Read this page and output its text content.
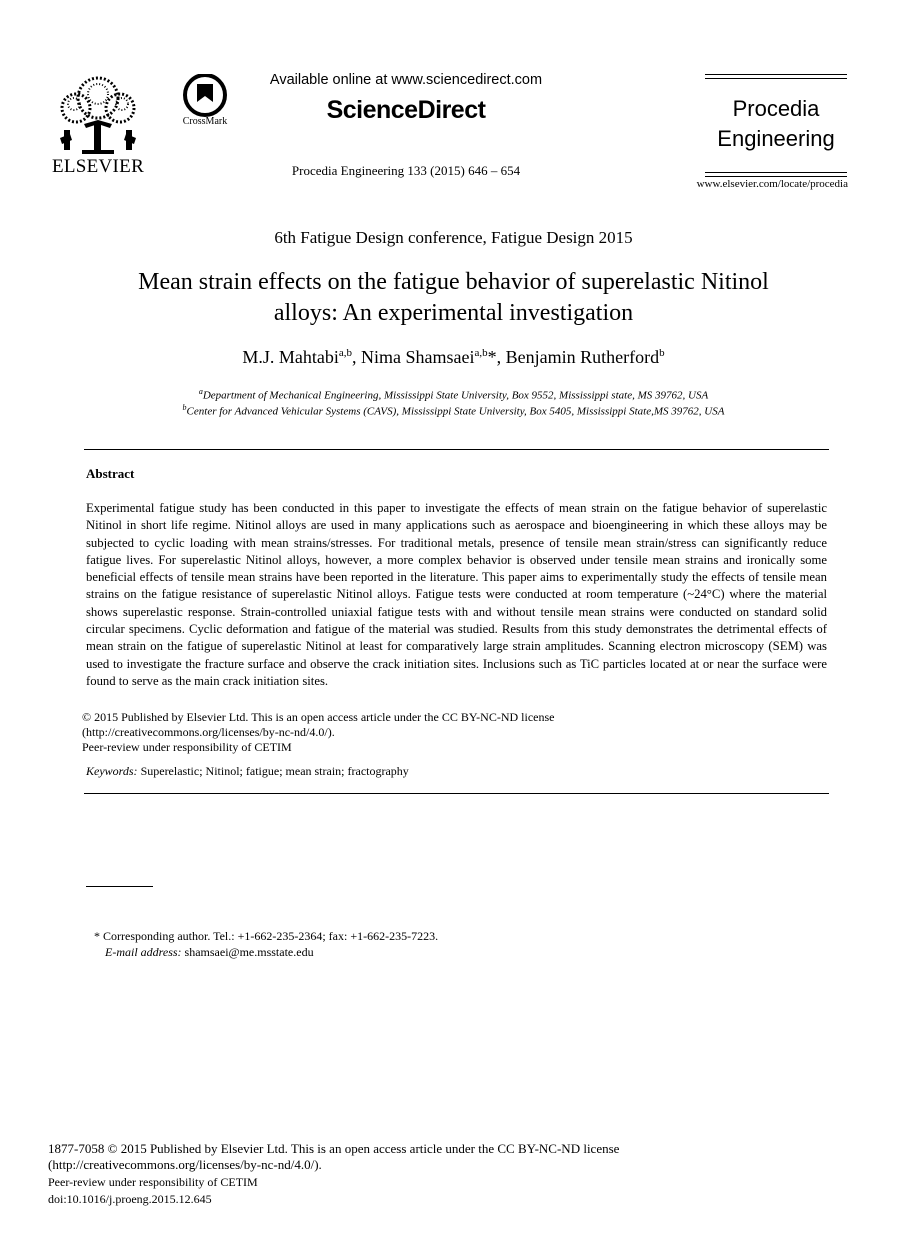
ELSEVIER
CrossMark
Available online at www.sciencedirect.com
ScienceDirect
Procedia Engineering 133 (2015) 646 – 654
Procedia
Engineering
www.elsevier.com/locate/procedia
6th Fatigue Design conference, Fatigue Design 2015
Mean strain effects on the fatigue behavior of superelastic Nitinol
alloys: An experimental investigation
M.J. Mahtabi$^{a,b}$, Nima Shamsaei$^{a,b}$*, Benjamin Rutherford$^b$
$^a$Department of Mechanical Engineering, Mississippi State University, Box 9552, Mississippi state, MS 39762, USA
$^b$Center for Advanced Vehicular Systems (CAVS), Mississippi State University, Box 5405, Mississippi State,MS 39762, USA
Abstract
Experimental fatigue study has been conducted in this paper to investigate the effects of mean strain on the fatigue behavior of superelastic Nitinol in short life regime. Nitinol alloys are used in many applications such as aerospace and bioengineering in which these alloys may be subjected to cyclic loading with mean strains/stresses. For traditional metals, presence of tensile mean strain/stress can significantly reduce fatigue lives. For superelastic Nitinol alloys, however, a more complex behavior is observed under tensile mean strains and ironically some beneficial effects of tensile mean strains have been reported in the literature. This paper aims to experimentally study the effects of tensile mean strains on the fatigue resistance of superelastic Nitinol alloys. Fatigue tests were conducted at room temperature (~24°C) where the material shows superelastic response. Strain-controlled uniaxial fatigue tests with and without tensile mean strains were conducted on standard solid circular specimens. Cyclic deformation and fatigue of the material was studied. Results from this study demonstrates the detrimental effects of mean strain on the fatigue of superelastic Nitinol at least for comparatively large strain amplitudes. Scanning electron microscopy (SEM) was used to investigate the fracture surface and observe the crack initiation sites. Inclusions such as TiC particles located at or near the surface were found to serve as the main crack initiation sites.
© 2015 Published by Elsevier Ltd. This is an open access article under the CC BY-NC-ND license
(http://creativecommons.org/licenses/by-nc-nd/4.0/).
Peer-review under responsibility of CETIM
Keywords: Superelastic; Nitinol; fatigue; mean strain; fractography
* Corresponding author. Tel.: +1-662-235-2364; fax: +1-662-235-7223.
E-mail address: shamsaei@me.msstate.edu
1877-7058 © 2015 Published by Elsevier Ltd. This is an open access article under the CC BY-NC-ND license
(http://creativecommons.org/licenses/by-nc-nd/4.0/).
Peer-review under responsibility of CETIM
doi:10.1016/j.proeng.2015.12.645
